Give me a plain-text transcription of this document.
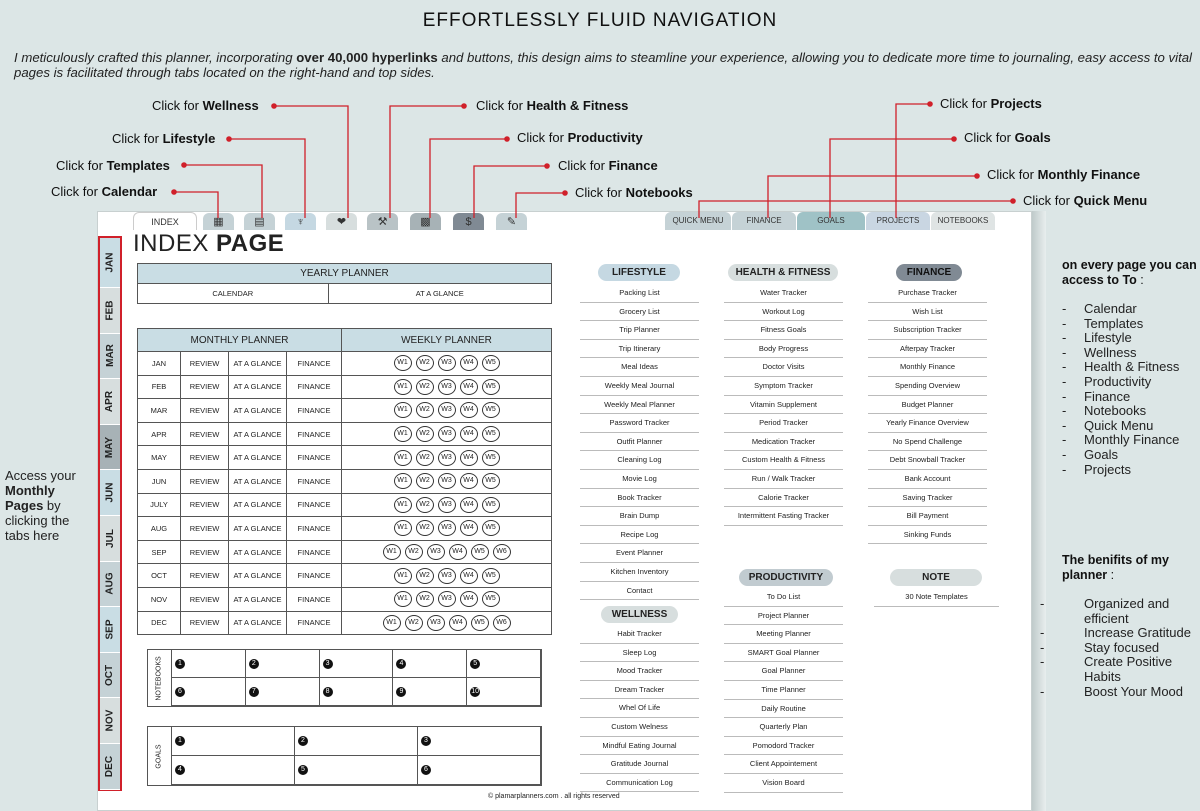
EFFORTLESSLY FLUID NAVIGATION
I meticulously crafted this planner, incorporating over 40,000 hyperlinks and buttons, this design aims to steamline your experience, allowing you to dedicate more time to journaling, easy access to vital pages is facilitated through tabs located on the right-hand and top sides.
Click for Wellness
Click for Lifestyle
Click for Templates
Click for Calendar
Click for Health & Fitness
Click for Productivity
Click for Finance
Click for Notebooks
Click for Projects
Click for Goals
Click for Monthly Finance
Click for Quick Menu
Access your
Monthly
Pages by
clicking the
tabs here
INDEX	▦	▤	♆	❤	⚒	▩	$	✎	QUICK MENU	FINANCE	GOALS	PROJECTS	NOTEBOOKS
JAN
FEB
MAR
APR
MAY
JUN
JUL
AUG
SEP
OCT
NOV
DEC
INDEX PAGE
YEARLY PLANNER
CALENDAR	AT A GLANCE
MONTHLY PLANNER				WEEKLY PLANNER
JAN	REVIEW	AT A GLANCE	FINANCE	W1 W2 W3 W4 W5
FEB	REVIEW	AT A GLANCE	FINANCE	W1 W2 W3 W4 W5
MAR	REVIEW	AT A GLANCE	FINANCE	W1 W2 W3 W4 W5
APR	REVIEW	AT A GLANCE	FINANCE	W1 W2 W3 W4 W5
MAY	REVIEW	AT A GLANCE	FINANCE	W1 W2 W3 W4 W5
JUN	REVIEW	AT A GLANCE	FINANCE	W1 W2 W3 W4 W5
JULY	REVIEW	AT A GLANCE	FINANCE	W1 W2 W3 W4 W5
AUG	REVIEW	AT A GLANCE	FINANCE	W1 W2 W3 W4 W5
SEP	REVIEW	AT A GLANCE	FINANCE	W1 W2 W3 W4 W5 W6
OCT	REVIEW	AT A GLANCE	FINANCE	W1 W2 W3 W4 W5
NOV	REVIEW	AT A GLANCE	FINANCE	W1 W2 W3 W4 W5
DEC	REVIEW	AT A GLANCE	FINANCE	W1 W2 W3 W4 W5 W6
NOTEBOOKS	1	2	3	4	5
6	7	8	9	10
GOALS
1	2	3
4	5	6
LIFESTYLE
Packing List
Grocery List
Trip Planner
Trip Itinerary
Meal Ideas
Weekly Meal Journal
Weekly Meal Planner
Password Tracker
Outfit Planner
Cleaning Log
Movie Log
Book Tracker
Brain Dump
Recipe Log
Event Planner
Kitchen Inventory
Contact
WELLNESS
Habit Tracker
Sleep Log
Mood Tracker
Dream Tracker
Whel Of Life
Custom Welness
Mindful Eating Journal
Gratitude Journal
Communication Log
HEALTH & FITNESS
Water Tracker
Workout Log
Fitness Goals
Body Progress
Doctor Visits
Symptom Tracker
Vitamin Supplement
Period Tracker
Medication Tracker
Custom Health & Fitness
Run / Walk Tracker
Calorie Tracker
Intermittent Fasting Tracker
PRODUCTIVITY
To Do List
Project Planner
Meeting Planner
SMART Goal Planner
Goal Planner
Time Planner
Daily Routine
Quarterly Plan
Pomodord Tracker
Client Appointement
Vision Board
FINANCE
Purchase Tracker
Wish List
Subscription Tracker
Afterpay Tracker
Monthly Finance
Spending Overview
Budget Planner
Yearly Finance Overview
No Spend Challenge
Debt Snowball Tracker
Bank Account
Saving Tracker
Bill Payment
Sinking Funds
NOTE
30 Note Templates
© plamarplanners.com . all rights reserved
on every page you can access to To :
- Calendar
- Templates
- Lifestyle
- Wellness
- Health & Fitness
- Productivity
- Finance
- Notebooks
- Quick Menu
- Monthly Finance
- Goals
- Projects
The benifits of my planner :
-	Organized and efficient
-	Increase Gratitude
-	Stay focused
-	Create Positive Habits
-	Boost Your Mood
